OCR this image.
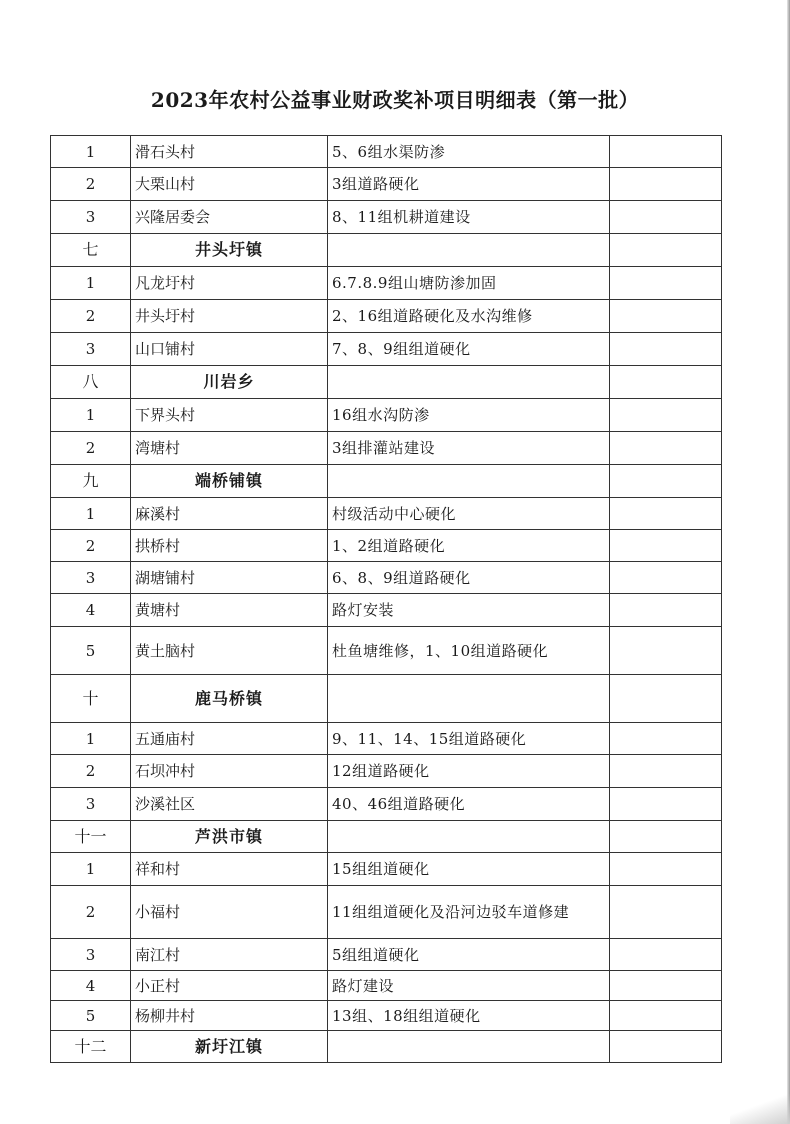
2023年农村公益事业财政奖补项目明细表（第一批）
1	滑石头村	5、6组水渠防渗	
2	大栗山村	3组道路硬化	
3	兴隆居委会	8、11组机耕道建设	
七	井头圩镇		
1	凡龙圩村	6.7.8.9组山塘防渗加固	
2	井头圩村	2、16组道路硬化及水沟维修	
3	山口铺村	7、8、9组组道硬化	
八	川岩乡		
1	下界头村	16组水沟防渗	
2	湾塘村	3组排灌站建设	
九	端桥铺镇		
1	麻溪村	村级活动中心硬化	
2	拱桥村	1、2组道路硬化	
3	湖塘铺村	6、8、9组道路硬化	
4	黄塘村	路灯安装	
5	黄土脑村	杜鱼塘维修，1、10组道路硬化	
十	鹿马桥镇		
1	五通庙村	9、11、14、15组道路硬化	
2	石坝冲村	12组道路硬化	
3	沙溪社区	40、46组道路硬化	
十一	芦洪市镇		
1	祥和村	15组组道硬化	
2	小福村	11组组道硬化及沿河边驳车道修建	
3	南江村	5组组道硬化	
4	小正村	路灯建设	
5	杨柳井村	13组、18组组道硬化	
十二	新圩江镇		
